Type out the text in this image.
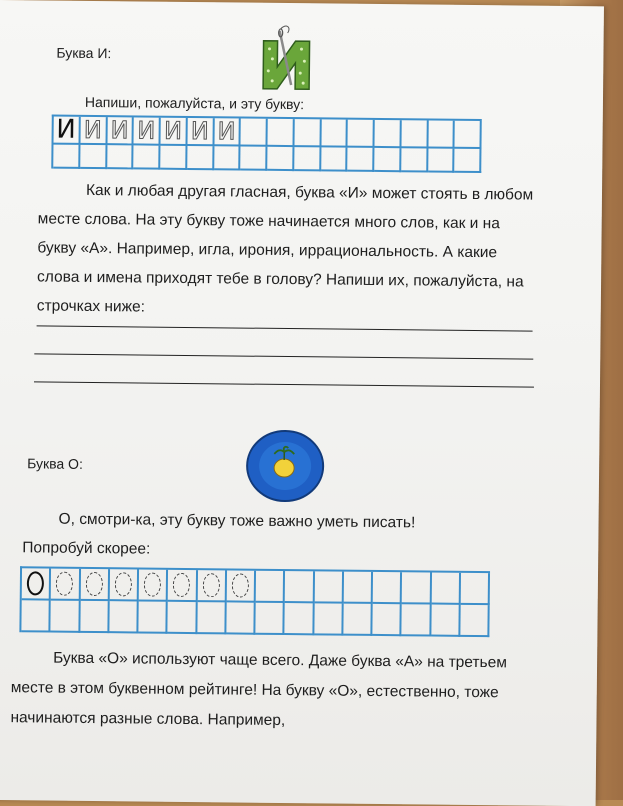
Буква И:
Напиши, пожалуйста, и эту букву:
И И И И И И И
Как и любая другая гласная, буква «И» может стоять в любом месте слова. На эту букву тоже начинается много слов, как и на букву «А». Например, игла, ирония, иррациональность. А какие слова и имена приходят тебе в голову? Напиши их, пожалуйста, на строчках ниже:
Буква О:
О, смотри-ка, эту букву тоже важно уметь писать!
Попробуй скорее:
Буква «О» используют чаще всего. Даже буква «А» на третьем месте в этом буквенном рейтинге! На букву «О», естественно, тоже начинаются разные слова. Например,
